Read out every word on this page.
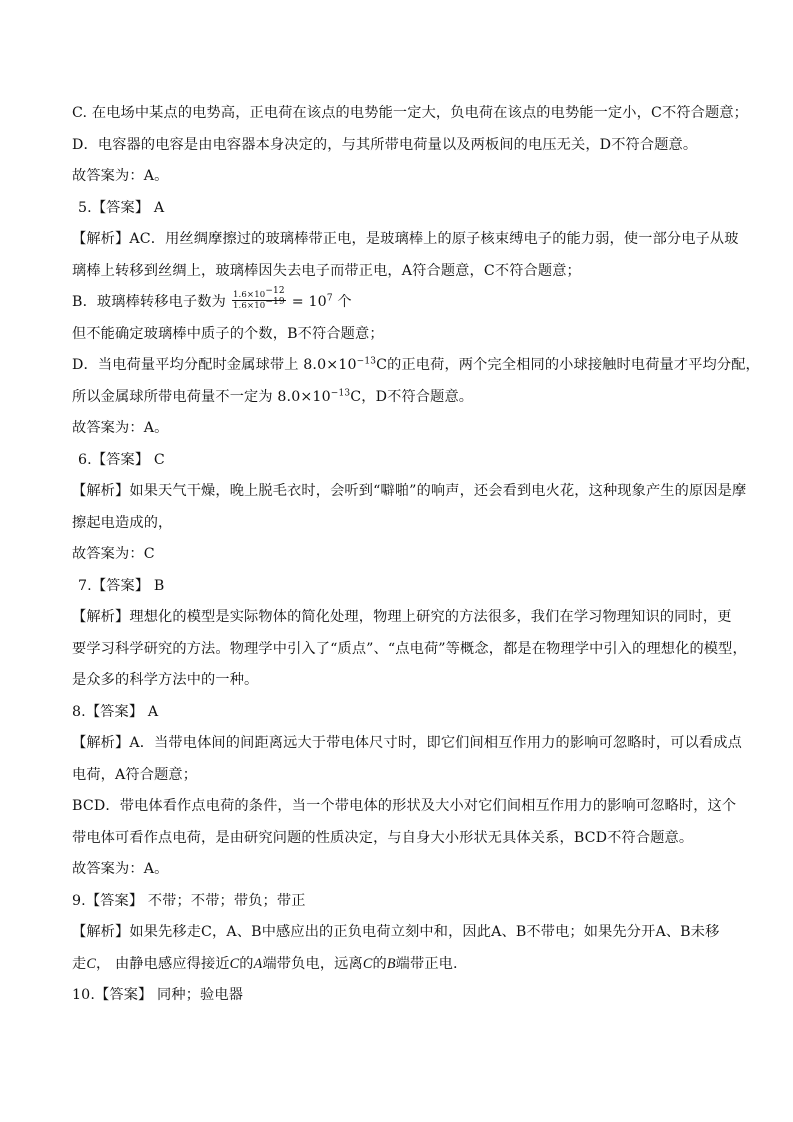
C. 在电场中某点的电势高，正电荷在该点的电势能一定大，负电荷在该点的电势能一定小，C不符合题意；
D．电容器的电容是由电容器本身决定的，与其所带电荷量以及两板间的电压无关，D不符合题意。
故答案为：A。
5.【答案】 A
【解析】AC．用丝绸摩擦过的玻璃棒带正电，是玻璃棒上的原子核束缚电子的能力弱，使一部分电子从玻
璃棒上转移到丝绸上，玻璃棒因失去电子而带正电，A符合题意，C不符合题意；
B．玻璃棒转移电子数为 $\frac{1.6\times 10^{-12}}{1.6\times 10^{-19}} = 10^7$ 个
但不能确定玻璃棒中质子的个数，B不符合题意；
D．当电荷量平均分配时金属球带上 $8.0\times 10^{-13}C$的正电荷，两个完全相同的小球接触时电荷量才平均分配，
所以金属球所带电荷量不一定为 $8.0\times 10^{-13}C$，D不符合题意。
故答案为：A。
6.【答案】 C
【解析】如果天气干燥，晚上脱毛衣时，会听到“噼啪”的响声，还会看到电火花，这种现象产生的原因是摩
擦起电造成的，
故答案为：C
7.【答案】 B
【解析】理想化的模型是实际物体的简化处理，物理上研究的方法很多，我们在学习物理知识的同时，更
要学习科学研究的方法。物理学中引入了“质点”、“点电荷”等概念，都是在物理学中引入的理想化的模型，
是众多的科学方法中的一种。
8.【答案】 A
【解析】A．当带电体间的间距离远大于带电体尺寸时，即它们间相互作用力的影响可忽略时，可以看成点
电荷，A符合题意；
BCD．带电体看作点电荷的条件，当一个带电体的形状及大小对它们间相互作用力的影响可忽略时，这个
带电体可看作点电荷，是由研究问题的性质决定，与自身大小形状无具体关系，BCD不符合题意。
故答案为：A。
9.【答案】 不带；不带；带负；带正
【解析】如果先移走C，A、B中感应出的正负电荷立刻中和，因此A、B不带电；如果先分开A、B未移
走C， 由静电感应得接近C的A端带负电，远离C的B端带正电.
10.【答案】 同种；验电器
